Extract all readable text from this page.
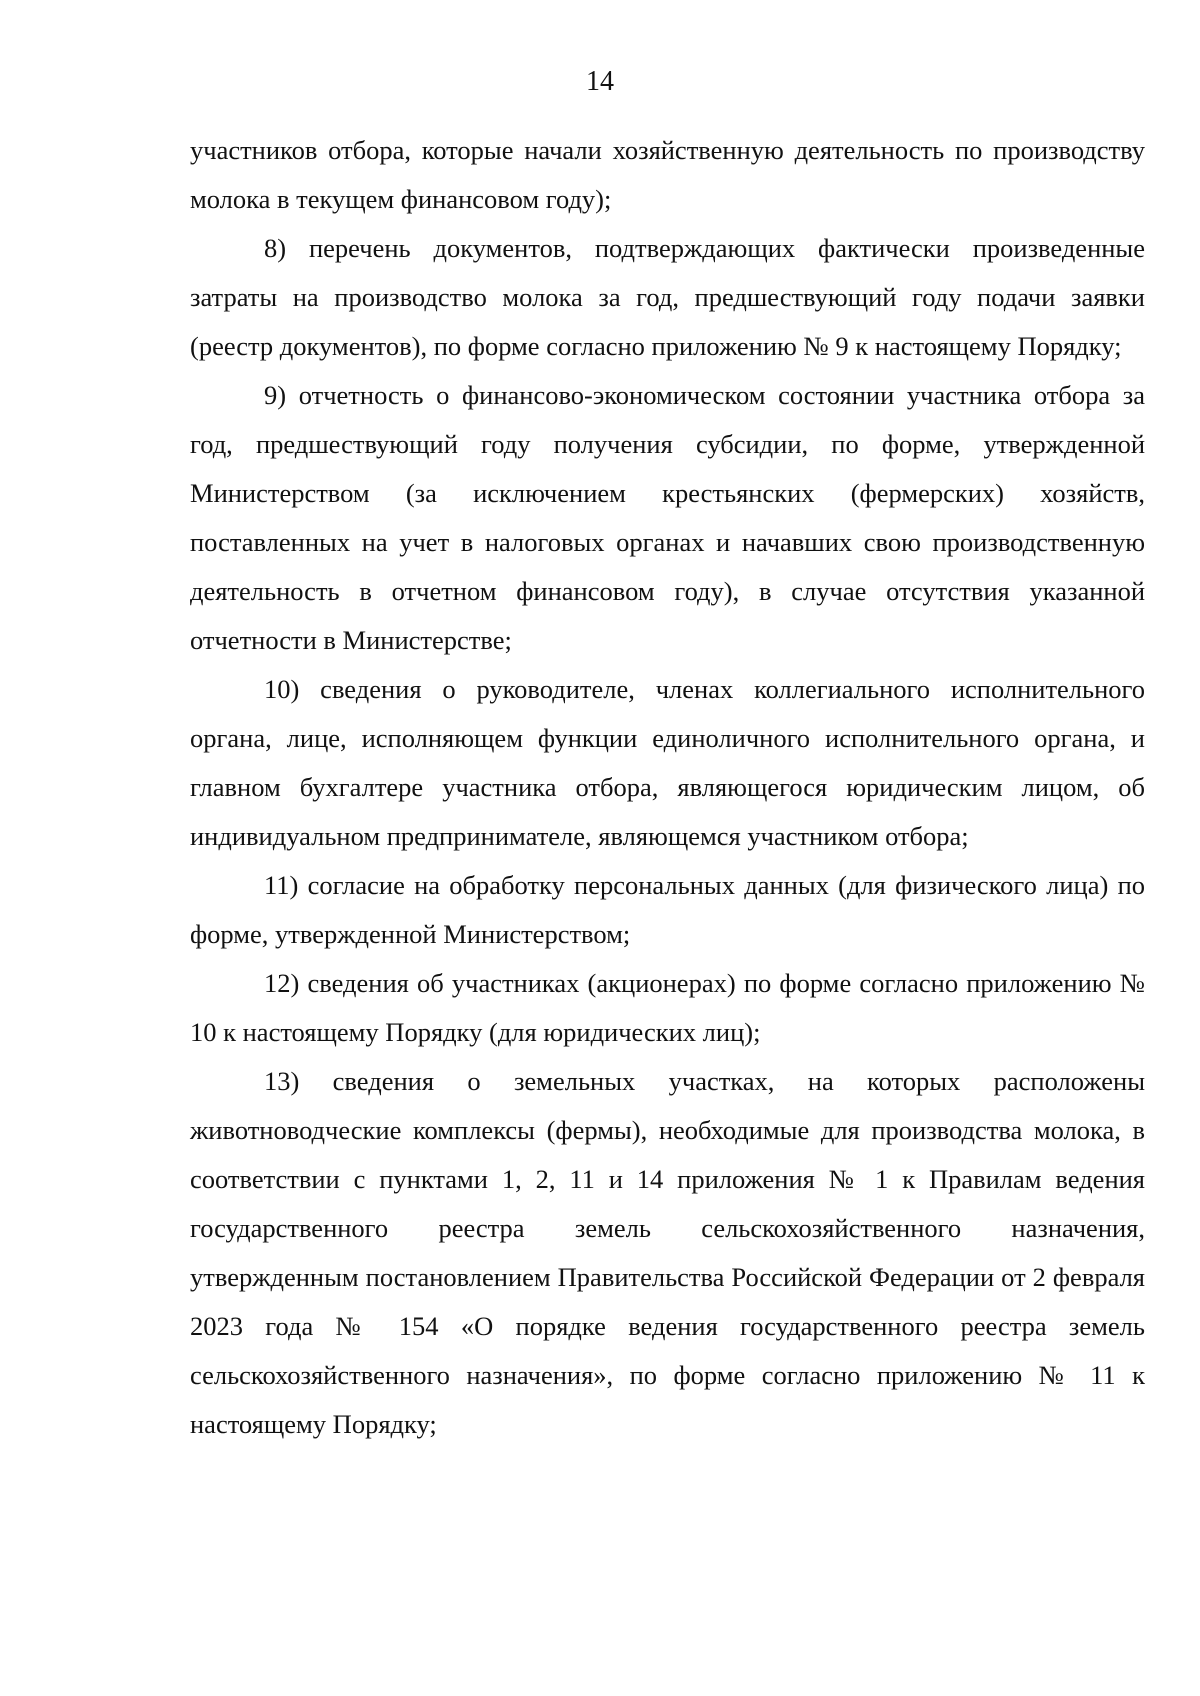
14

участников отбора, которые начали хозяйственную деятельность по производству молока в текущем финансовом году);

8) перечень документов, подтверждающих фактически произведенные затраты на производство молока за год, предшествующий году подачи заявки (реестр документов), по форме согласно приложению № 9 к настоящему Порядку;

9) отчетность о финансово-экономическом состоянии участника отбора за год, предшествующий году получения субсидии, по форме, утвержденной Министерством (за исключением крестьянских (фермерских) хозяйств, поставленных на учет в налоговых органах и начавших свою производственную деятельность в отчетном финансовом году), в случае отсутствия указанной отчетности в Министерстве;

10) сведения о руководителе, членах коллегиального исполнительного органа, лице, исполняющем функции единоличного исполнительного органа, и главном бухгалтере участника отбора, являющегося юридическим лицом, об индивидуальном предпринимателе, являющемся участником отбора;

11) согласие на обработку персональных данных (для физического лица) по форме, утвержденной Министерством;

12) сведения об участниках (акционерах) по форме согласно приложению № 10 к настоящему Порядку (для юридических лиц);

13) сведения о земельных участках, на которых расположены животноводческие комплексы (фермы), необходимые для производства молока, в соответствии с пунктами 1, 2, 11 и 14 приложения № 1 к Правилам ведения государственного реестра земель сельскохозяйственного назначения, утвержденным постановлением Правительства Российской Федерации от 2 февраля 2023 года № 154 «О порядке ведения государственного реестра земель сельскохозяйственного назначения», по форме согласно приложению № 11 к настоящему Порядку;
